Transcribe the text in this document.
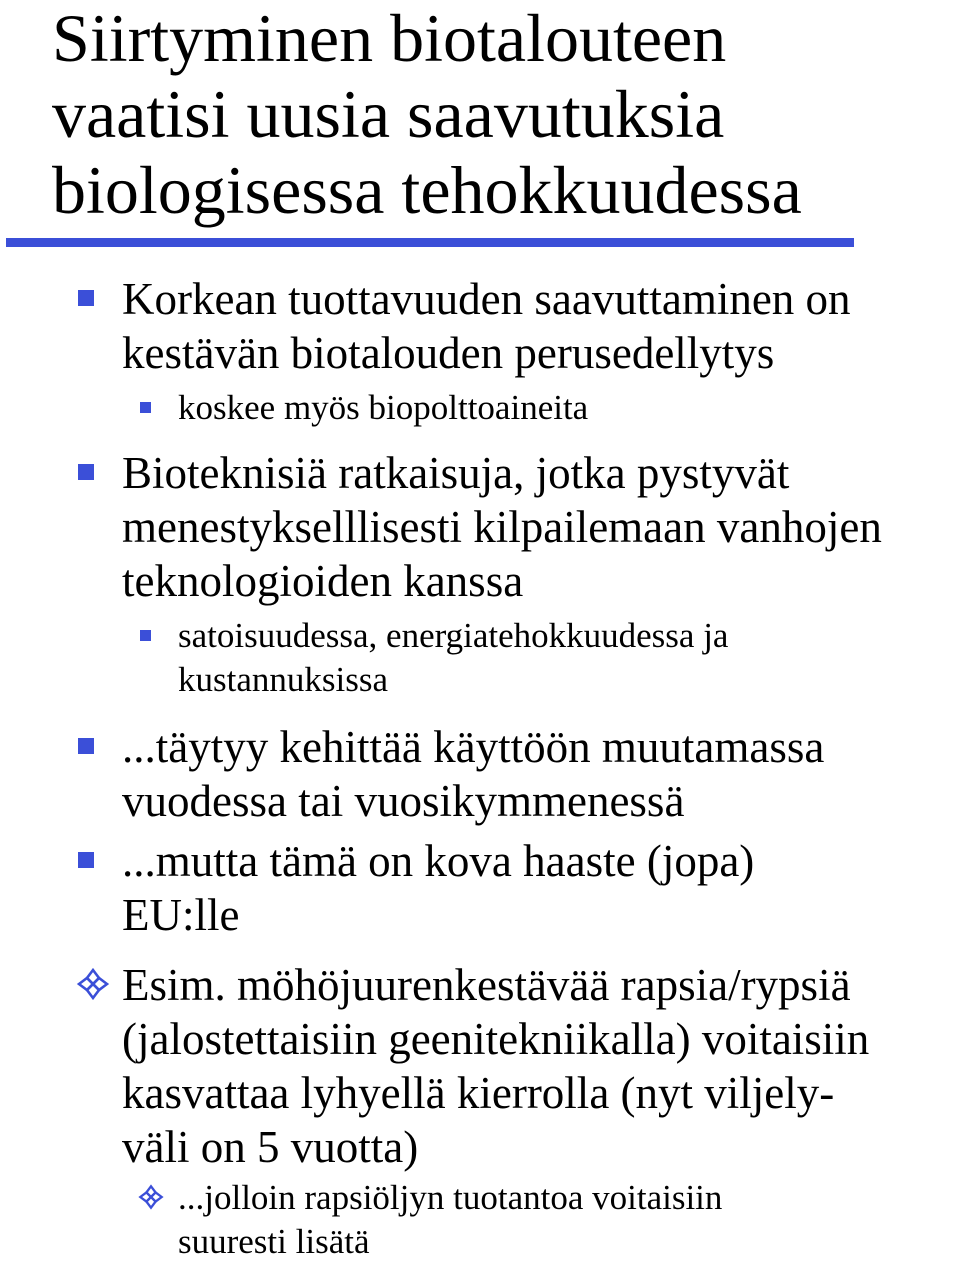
Siirtyminen biotalouteen
vaatisi uusia saavutuksia
biologisessa tehokkuudessa
Korkean tuottavuuden saavuttaminen on
kestävän biotalouden perusedellytys
koskee myös biopolttoaineita
Bioteknisiä ratkaisuja, jotka pystyvät
menestykselllisesti kilpailemaan vanhojen
teknologioiden kanssa
satoisuudessa, energiatehokkuudessa ja
kustannuksissa
...täytyy kehittää käyttöön muutamassa
vuodessa tai vuosikymmenessä
...mutta tämä on kova haaste (jopa)
EU:lle
Esim. möhöjuurenkestävää rapsia/rypsiä
(jalostettaisiin geenitekniikalla) voitaisiin
kasvattaa lyhyellä kierrolla (nyt viljely-
väli on 5 vuotta)
...jolloin rapsiöljyn tuotantoa voitaisiin
suuresti lisätä
